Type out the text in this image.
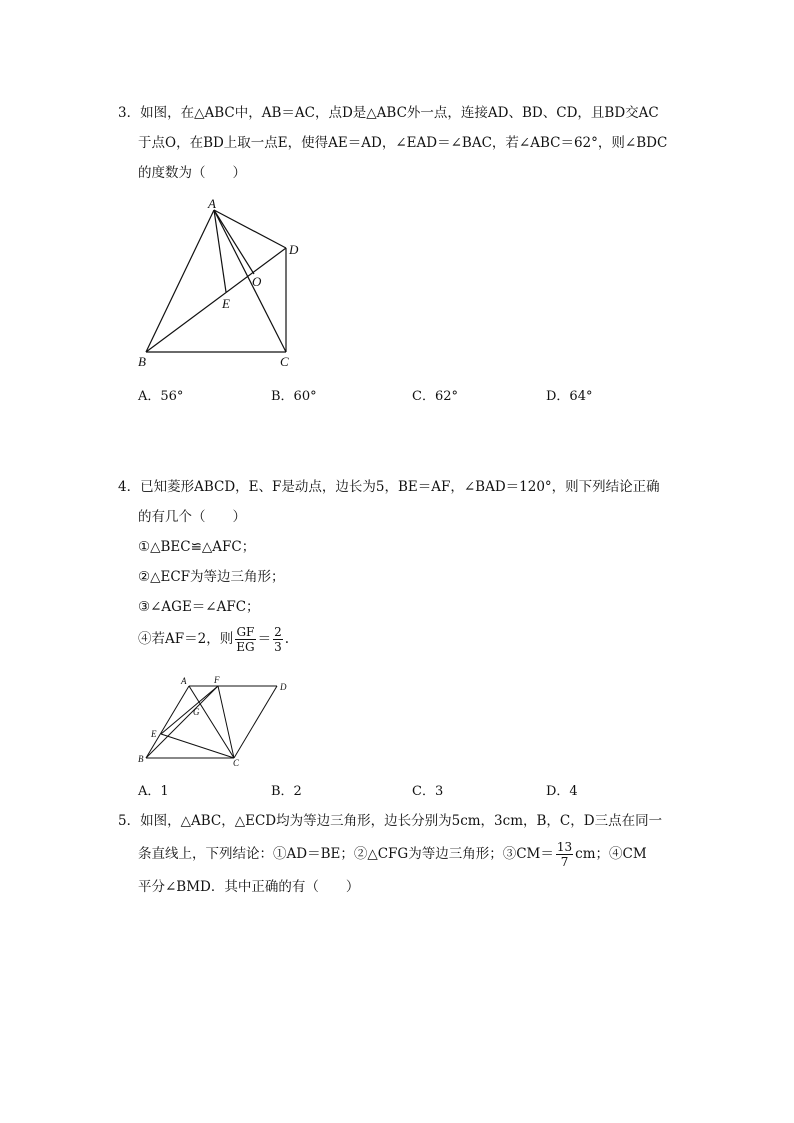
3．如图，在△ABC中，AB＝AC，点D是△ABC外一点，连接AD、BD、CD，且BD交AC
于点O，在BD上取一点E，使得AE＝AD，∠EAD＝∠BAC，若∠ABC＝62°，则∠BDC
的度数为（　　）
A
B	C
D
E
O
A．56°	B．60°	C．62°	D．64°
4．已知菱形ABCD，E、F是动点，边长为5，BE＝AF，∠BAD＝120°，则下列结论正确
的有几个（　　）
①△BEC≌△AFC；
②△ECF为等边三角形；
③∠AGE＝∠AFC；
④若AF＝2，则 $\frac{GF}{EG} = \frac{2}{3}$ .
A	F
D
G
E
B	C
A．1	B．2	C．3	D．4
5．如图，△ABC，△ECD均为等边三角形，边长分别为5cm，3cm，B，C，D三点在同一
条直线上，下列结论：①AD＝BE；②△CFG为等边三角形；③CM＝ $\frac{13}{7}$ cm；④CM
平分∠BMD．其中正确的有（　　）
